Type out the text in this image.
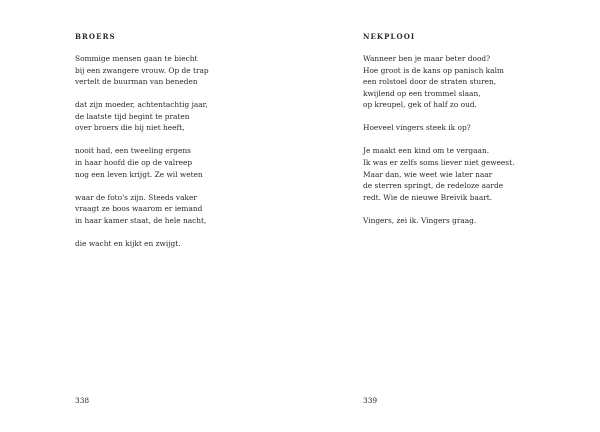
BROERS

Sommige mensen gaan te biecht
bij een zwangere vrouw. Op de trap
vertelt de buurman van beneden

dat zijn moeder, achtentachtig jaar,
de laatste tijd begint te praten
over broers die hij niet heeft,

nooit had, een tweeling ergens
in haar hoofd die op de valreep
nog een leven krijgt. Ze wil weten

waar de foto's zijn. Steeds vaker
vraagt ze boos waarom er iemand
in haar kamer staat, de hele nacht,

die wacht en kijkt en zwijgt.

338
NEKPLOOI

Wanneer ben je maar beter dood?
Hoe groot is de kans op panisch kalm
een rolstoel door de straten sturen,
kwijlend op een trommel slaan,
op kreupel, gek of half zo oud.

Hoeveel vingers steek ik op?

Je maakt een kind om te vergaan.
Ik was er zelfs soms liever niet geweest.
Maar dan, wie weet wie later naar
de sterren springt, de redeloze aarde
redt. Wie de nieuwe Breivik baart.

Vingers, zei ik. Vingers graag.

339
